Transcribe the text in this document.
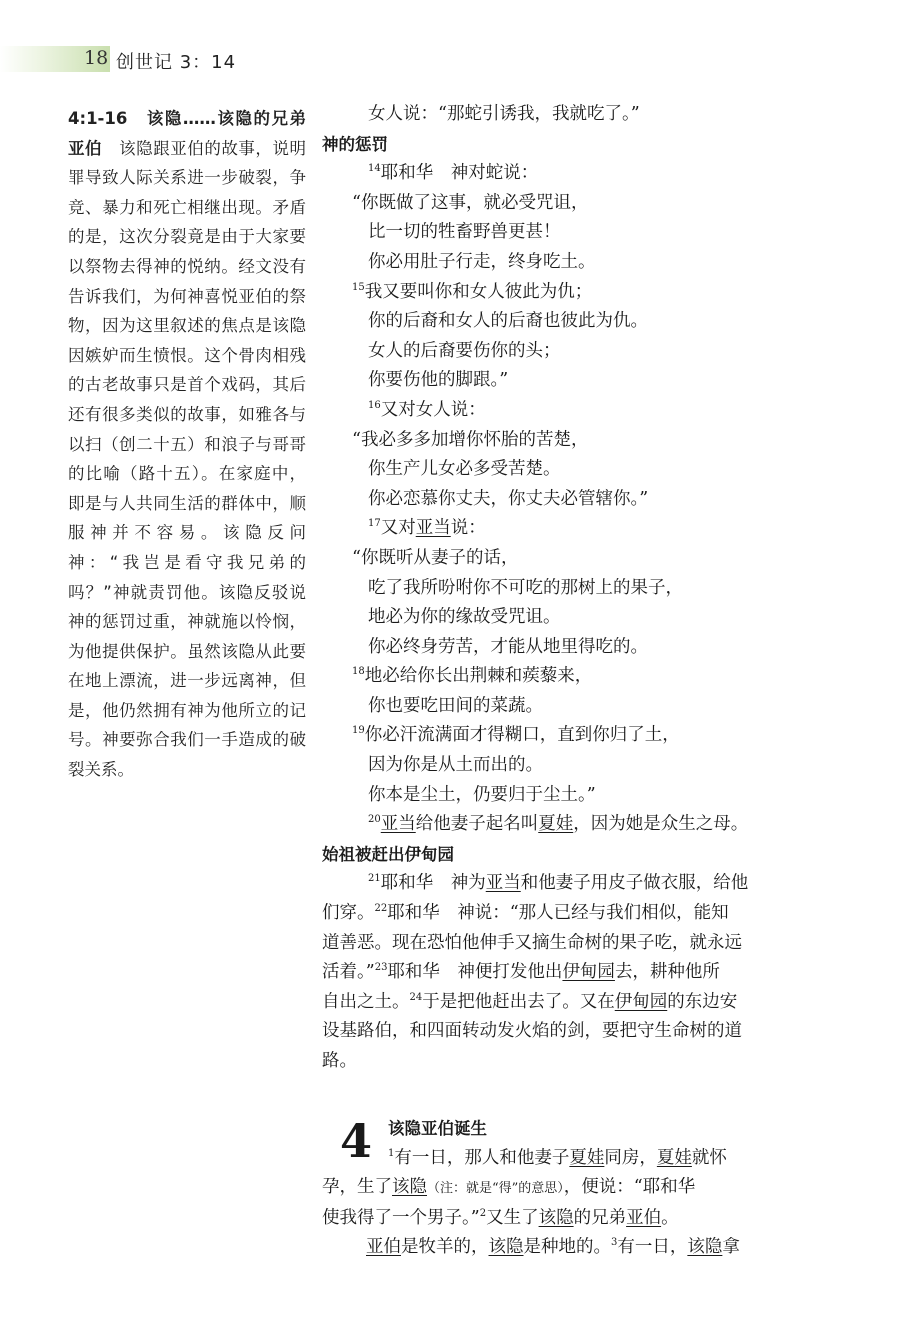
18 创世记 3：14

4:1-16　该隐……该隐的兄弟亚伯　 该隐跟亚伯的故事，说明罪导致人际关系进一步破裂，争竞、暴力和死亡相继出现。矛盾的是，这次分裂竟是由于大家要以祭物去得神的悦纳。经文没有告诉我们，为何神喜悦亚伯的祭物，因为这里叙述的焦点是该隐因嫉妒而生愤恨。这个骨肉相残的古老故事只是首个戏码，其后还有很多类似的故事，如雅各与以扫（创二十五）和浪子与哥哥的比喻（路十五）。在家庭中，即是与人共同生活的群体中，顺服神并不容易。该隐反问神：“我岂是看守我兄弟的吗？”神就责罚他。该隐反驳说神的惩罚过重，神就施以怜悯，为他提供保护。虽然该隐从此要在地上漂流，进一步远离神，但是，他仍然拥有神为他所立的记号。神要弥合我们一手造成的破裂关系。

女人说：“那蛇引诱我，我就吃了。”
神的惩罚
$^{14}$耶和华　神对蛇说：
“你既做了这事，就必受咒诅，
比一切的牲畜野兽更甚！
你必用肚子行走，终身吃土。
$^{15}$我又要叫你和女人彼此为仇；
你的后裔和女人的后裔也彼此为仇。
女人的后裔要伤你的头；
你要伤他的脚跟。”
$^{16}$又对女人说：
“我必多多加增你怀胎的苦楚，
你生产儿女必多受苦楚。
你必恋慕你丈夫，你丈夫必管辖你。”
$^{17}$又对亚当说：
“你既听从妻子的话，
吃了我所吩咐你不可吃的那树上的果子，
地必为你的缘故受咒诅。
你必终身劳苦，才能从地里得吃的。
$^{18}$地必给你长出荆棘和蒺藜来，
你也要吃田间的菜蔬。
$^{19}$你必汗流满面才得糊口，直到你归了土，
因为你是从土而出的。
你本是尘土，仍要归于尘土。”
$^{20}$亚当给他妻子起名叫夏娃，因为她是众生之母。
始祖被赶出伊甸园
$^{21}$耶和华　神为亚当和他妻子用皮子做衣服，给他
们穿。$^{22}$耶和华　神说：“那人已经与我们相似，能知
道善恶。现在恐怕他伸手又摘生命树的果子吃，就永远
活着。”$^{23}$耶和华　神便打发他出伊甸园去，耕种他所
自出之土。$^{24}$于是把他赶出去了。又在伊甸园的东边安
设基路伯，和四面转动发火焰的剑，要把守生命树的道
路。
4 该隐亚伯诞生
$^1$有一日，那人和他妻子夏娃同房，夏娃就怀
孕，生了该隐（注：就是“得”的意思），便说：“耶和华
使我得了一个男子。”$^2$又生了该隐的兄弟亚伯。
亚伯是牧羊的，该隐是种地的。$^3$有一日，该隐拿
